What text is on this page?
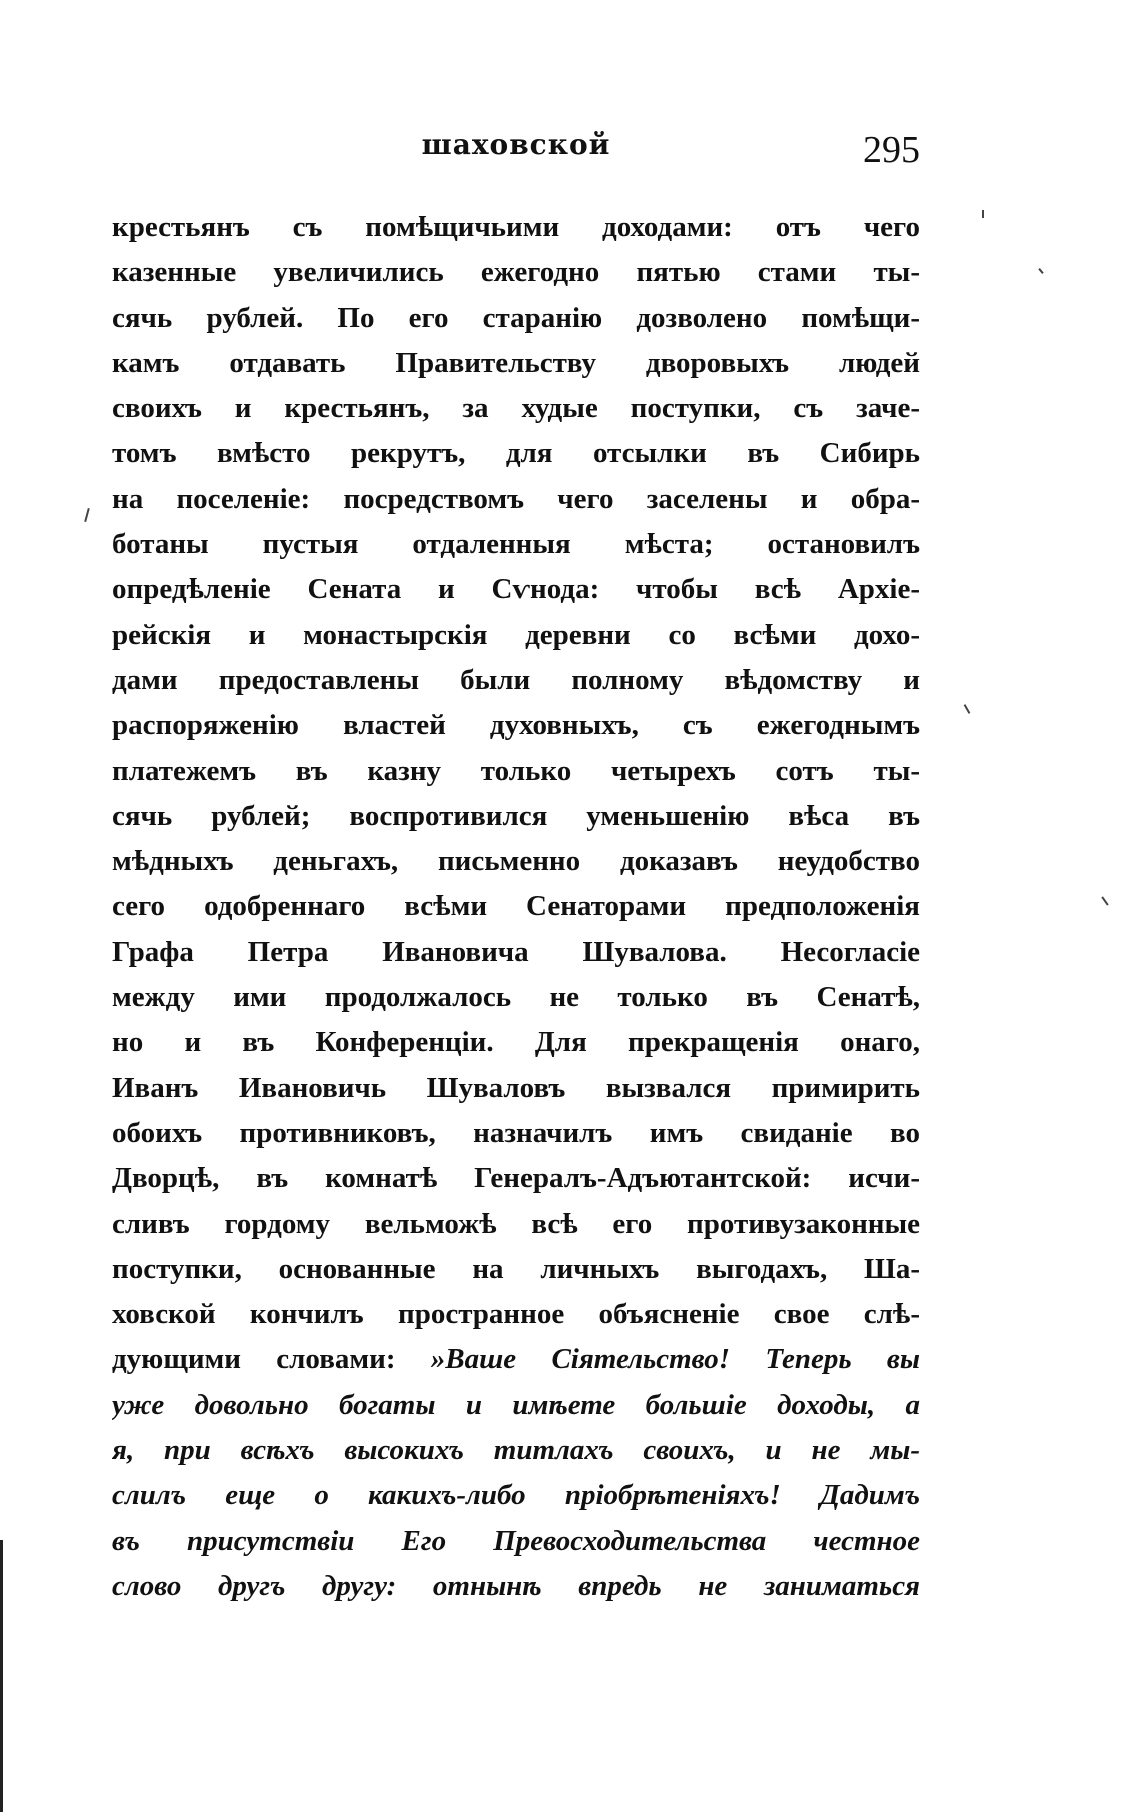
шаховской	295
крестьянъ съ помѣщичьими доходами: отъ чего
казенные увеличились ежегодно пятью стами ты-
сячь рублей. По его старанію дозволено помѣщи-
камъ отдавать Правительству дворовыхъ людей
своихъ и крестьянъ, за худые поступки, съ заче-
томъ вмѣсто рекрутъ, для отсылки въ Сибирь
на поселеніе: посредствомъ чего заселены и обра-
ботаны пустыя отдаленныя мѣста; остановилъ
опредѣленіе Сената и Сѵнода: чтобы всѣ Архіе-
рейскія и монастырскія деревни со всѣми дохо-
дами предоставлены были полному вѣдомству и
распоряженію властей духовныхъ, съ ежегоднымъ
платежемъ въ казну только четырехъ сотъ ты-
сячь рублей; воспротивился уменьшенію вѣса въ
мѣдныхъ деньгахъ, письменно доказавъ неудобство
сего одобреннаго всѣми Сенаторами предположенія
Графа Петра Ивановича Шувалова. Несогласіе
между ими продолжалось не только въ Сенатѣ,
но и въ Конференціи. Для прекращенія онаго,
Иванъ Ивановичь Шуваловъ вызвался примирить
обоихъ противниковъ, назначилъ имъ свиданіе во
Дворцѣ, въ комнатѣ Генералъ-Адъютантской: исчи-
сливъ гордому вельможѣ всѣ его противузаконные
поступки, основанные на личныхъ выгодахъ, Ша-
ховской кончилъ пространное объясненіе свое слѣ-
дующими словами: »Ваше Сіятельство! Теперь вы
уже довольно богаты и имѣете большіе доходы, а
я, при всѣхъ высокихъ титлахъ своихъ, и не мы-
слилъ еще о какихъ-либо пріобрѣтеніяхъ! Дадимъ
въ присутствіи Его Превосходительства честное
слово другъ другу: отнынѣ впредь не заниматься
